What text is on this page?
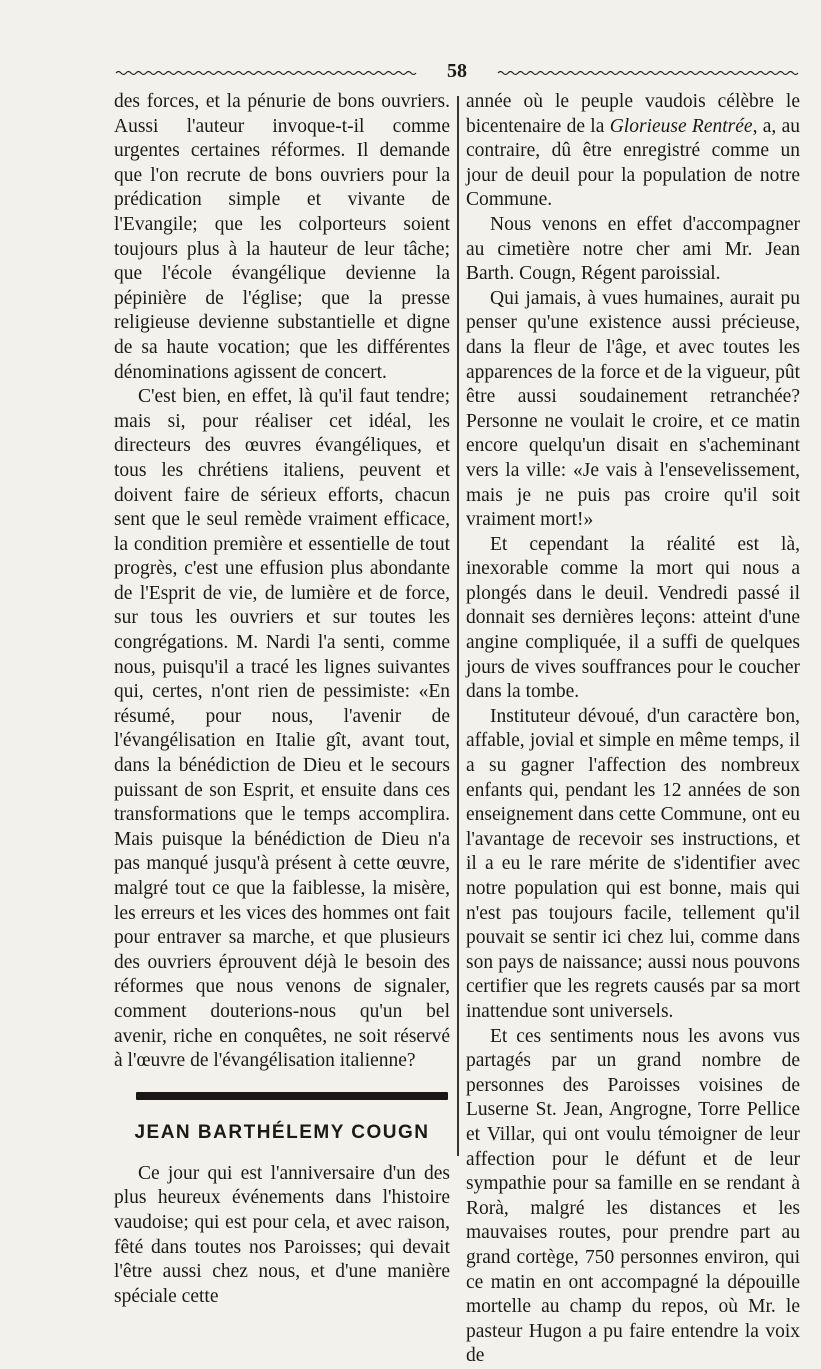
58

des forces, et la pénurie de bons ouvriers. Aussi l'auteur invoque-t-il comme urgentes certaines réformes. Il demande que l'on recrute de bons ouvriers pour la prédication simple et vivante de l'Evangile; que les colporteurs soient toujours plus à la hauteur de leur tâche; que l'école évangélique devienne la pépinière de l'église; que la presse religieuse devienne substantielle et digne de sa haute vocation; que les différentes dénominations agissent de concert.

C'est bien, en effet, là qu'il faut tendre; mais si, pour réaliser cet idéal, les directeurs des œuvres évangéliques, et tous les chrétiens italiens, peuvent et doivent faire de sérieux efforts, chacun sent que le seul remède vraiment efficace, la condition première et essentielle de tout progrès, c'est une effusion plus abondante de l'Esprit de vie, de lumière et de force, sur tous les ouvriers et sur toutes les congrégations. M. Nardi l'a senti, comme nous, puisqu'il a tracé les lignes suivantes qui, certes, n'ont rien de pessimiste: «En résumé, pour nous, l'avenir de l'évangélisation en Italie gît, avant tout, dans la bénédiction de Dieu et le secours puissant de son Esprit, et ensuite dans ces transformations que le temps accomplira. Mais puisque la bénédiction de Dieu n'a pas manqué jusqu'à présent à cette œuvre, malgré tout ce que la faiblesse, la misère, les erreurs et les vices des hommes ont fait pour entraver sa marche, et que plusieurs des ouvriers éprouvent déjà le besoin des réformes que nous venons de signaler, comment douterions-nous qu'un bel avenir, riche en conquêtes, ne soit réservé à l'œuvre de l'évangélisation italienne?

JEAN BARTHÉLEMY COUGN

Ce jour qui est l'anniversaire d'un des plus heureux événements dans l'histoire vaudoise; qui est pour cela, et avec raison, fêté dans toutes nos Paroisses; qui devait l'être aussi chez nous, et d'une manière spéciale cette

année où le peuple vaudois célèbre le bicentenaire de la Glorieuse Rentrée, a, au contraire, dû être enregistré comme un jour de deuil pour la population de notre Commune.

Nous venons en effet d'accompagner au cimetière notre cher ami Mr. Jean Barth. Cougn, Régent paroissial.

Qui jamais, à vues humaines, aurait pu penser qu'une existence aussi précieuse, dans la fleur de l'âge, et avec toutes les apparences de la force et de la vigueur, pût être aussi soudainement retranchée? Personne ne voulait le croire, et ce matin encore quelqu'un disait en s'acheminant vers la ville: «Je vais à l'ensevelissement, mais je ne puis pas croire qu'il soit vraiment mort!»

Et cependant la réalité est là, inexorable comme la mort qui nous a plongés dans le deuil. Vendredi passé il donnait ses dernières leçons: atteint d'une angine compliquée, il a suffi de quelques jours de vives souffrances pour le coucher dans la tombe.

Instituteur dévoué, d'un caractère bon, affable, jovial et simple en même temps, il a su gagner l'affection des nombreux enfants qui, pendant les 12 années de son enseignement dans cette Commune, ont eu l'avantage de recevoir ses instructions, et il a eu le rare mérite de s'identifier avec notre population qui est bonne, mais qui n'est pas toujours facile, tellement qu'il pouvait se sentir ici chez lui, comme dans son pays de naissance; aussi nous pouvons certifier que les regrets causés par sa mort inattendue sont universels.

Et ces sentiments nous les avons vus partagés par un grand nombre de personnes des Paroisses voisines de Luserne St. Jean, Angrogne, Torre Pellice et Villar, qui ont voulu témoigner de leur affection pour le défunt et de leur sympathie pour sa famille en se rendant à Rorà, malgré les distances et les mauvaises routes, pour prendre part au grand cortège, 750 personnes environ, qui ce matin en ont accompagné la dépouille mortelle au champ du repos, où Mr. le pasteur Hugon a pu faire entendre la voix de
